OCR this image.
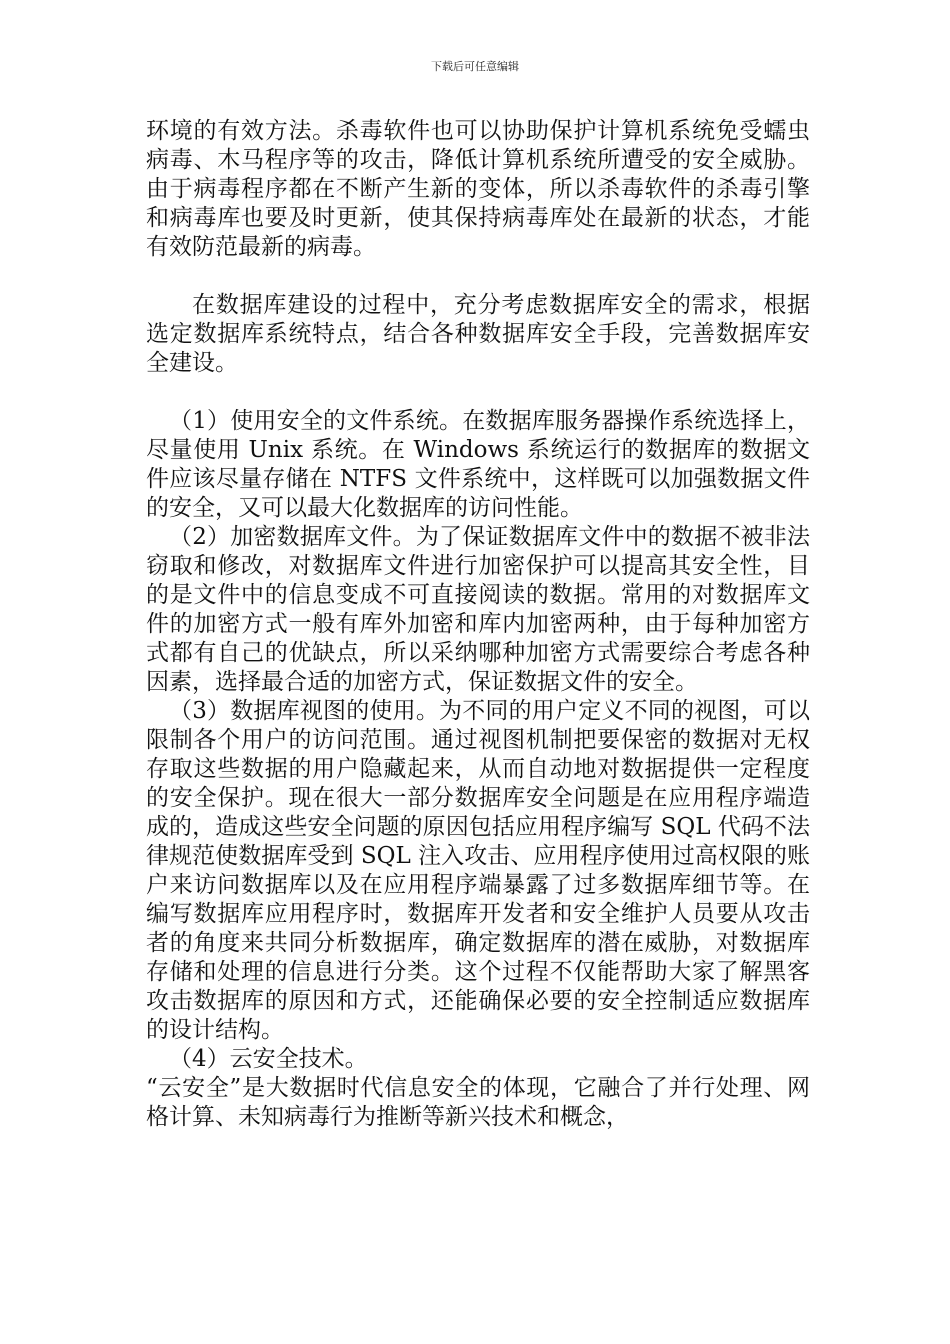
下载后可任意编辑

环境的有效方法。杀毒软件也可以协助保护计算机系统免受蠕虫病毒、木马程序等的攻击，降低计算机系统所遭受的安全威胁。由于病毒程序都在不断产生新的变体，所以杀毒软件的杀毒引擎和病毒库也要及时更新，使其保持病毒库处在最新的状态，才能有效防范最新的病毒。

在数据库建设的过程中，充分考虑数据库安全的需求，根据选定数据库系统特点，结合各种数据库安全手段，完善数据库安全建设。

（1）使用安全的文件系统。在数据库服务器操作系统选择上，尽量使用 Unix 系统。在 Windows 系统运行的数据库的数据文件应该尽量存储在 NTFS 文件系统中，这样既可以加强数据文件的安全，又可以最大化数据库的访问性能。

（2）加密数据库文件。为了保证数据库文件中的数据不被非法窃取和修改，对数据库文件进行加密保护可以提高其安全性，目的是文件中的信息变成不可直接阅读的数据。常用的对数据库文件的加密方式一般有库外加密和库内加密两种，由于每种加密方式都有自己的优缺点，所以采纳哪种加密方式需要综合考虑各种因素，选择最合适的加密方式，保证数据文件的安全。

（3）数据库视图的使用。为不同的用户定义不同的视图，可以限制各个用户的访问范围。通过视图机制把要保密的数据对无权存取这些数据的用户隐藏起来，从而自动地对数据提供一定程度的安全保护。现在很大一部分数据库安全问题是在应用程序端造成的，造成这些安全问题的原因包括应用程序编写 SQL 代码不法律规范使数据库受到 SQL 注入攻击、应用程序使用过高权限的账户来访问数据库以及在应用程序端暴露了过多数据库细节等。在编写数据库应用程序时，数据库开发者和安全维护人员要从攻击者的角度来共同分析数据库，确定数据库的潜在威胁，对数据库存储和处理的信息进行分类。这个过程不仅能帮助大家了解黑客攻击数据库的原因和方式，还能确保必要的安全控制适应数据库的设计结构。

（4）云安全技术。

“云安全”是大数据时代信息安全的体现，它融合了并行处理、网格计算、未知病毒行为推断等新兴技术和概念，
